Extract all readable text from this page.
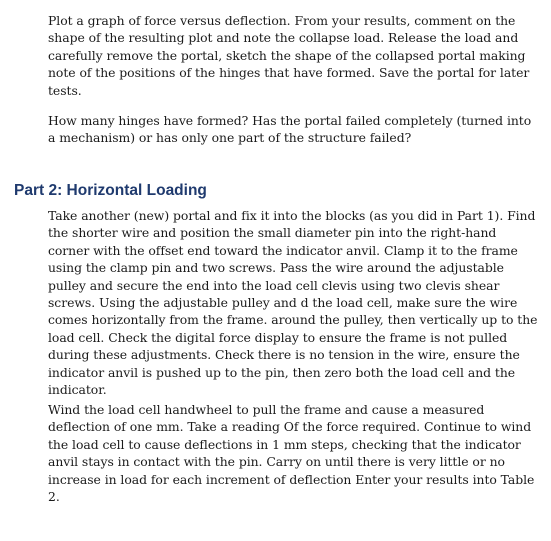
Plot a graph of force versus deflection. From your results, comment on the shape of the resulting plot and note the collapse load. Release the load and carefully remove the portal, sketch the shape of the collapsed portal making note of the positions of the hinges that have formed. Save the portal for later tests.

How many hinges have formed? Has the portal failed completely (turned into a mechanism) or has only one part of the structure failed?

Part 2: Horizontal Loading

Take another (new) portal and fix it into the blocks (as you did in Part 1). Find the shorter wire and position the small diameter pin into the right-hand corner with the offset end toward the indicator anvil. Clamp it to the frame using the clamp pin and two screws. Pass the wire around the adjustable pulley and secure the end into the load cell clevis using two clevis shear screws. Using the adjustable pulley and d the load cell, make sure the wire comes horizontally from the frame. around the pulley, then vertically up to the load cell. Check the digital force display to ensure the frame is not pulled during these adjustments. Check there is no tension in the wire, ensure the indicator anvil is pushed up to the pin, then zero both the load cell and the indicator.

Wind the load cell handwheel to pull the frame and cause a measured deflection of one mm. Take a reading Of the force required. Continue to wind the load cell to cause deflections in 1 mm steps, checking that the indicator anvil stays in contact with the pin. Carry on until there is very little or no increase in load for each increment of deflection Enter your results into Table 2.
